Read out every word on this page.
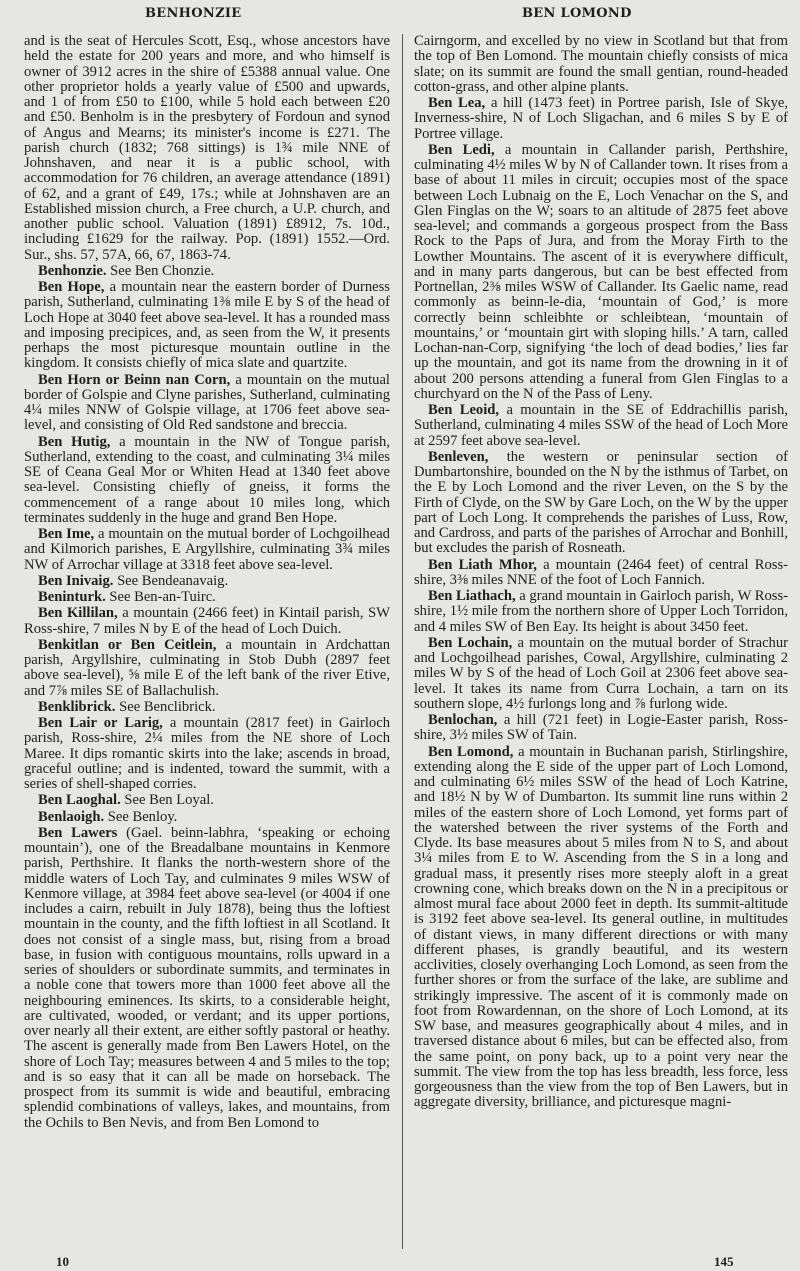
BENHONZIE	BEN LOMOND

and is the seat of Hercules Scott, Esq., whose ancestors have held the estate for 200 years and more, and who himself is owner of 3912 acres in the shire of £5388 annual value. One other proprietor holds a yearly value of £500 and upwards, and 1 of from £50 to £100, while 5 hold each between £20 and £50. Benholm is in the presbytery of Fordoun and synod of Angus and Mearns; its minister's income is £271. The parish church (1832; 768 sittings) is 1¾ mile NNE of Johnshaven, and near it is a public school, with accommodation for 76 children, an average attendance (1891) of 62, and a grant of £49, 17s.; while at Johnshaven are an Established mission church, a Free church, a U.P. church, and another public school. Valuation (1891) £8912, 7s. 10d., including £1629 for the railway. Pop. (1891) 1552.—Ord. Sur., shs. 57, 57A, 66, 67, 1863-74.

Benhonzie. See Ben Chonzie.

Ben Hope, a mountain near the eastern border of Durness parish, Sutherland, culminating 1⅜ mile E by S of the head of Loch Hope at 3040 feet above sea-level. It has a rounded mass and imposing precipices, and, as seen from the W, it presents perhaps the most picturesque mountain outline in the kingdom. It consists chiefly of mica slate and quartzite.

Ben Horn or Beinn nan Corn, a mountain on the mutual border of Golspie and Clyne parishes, Sutherland, culminating 4¼ miles NNW of Golspie village, at 1706 feet above sea-level, and consisting of Old Red sandstone and breccia.

Ben Hutig, a mountain in the NW of Tongue parish, Sutherland, extending to the coast, and culminating 3¼ miles SE of Ceana Geal Mor or Whiten Head at 1340 feet above sea-level. Consisting chiefly of gneiss, it forms the commencement of a range about 10 miles long, which terminates suddenly in the huge and grand Ben Hope.

Ben Ime, a mountain on the mutual border of Lochgoilhead and Kilmorich parishes, E Argyllshire, culminating 3¾ miles NW of Arrochar village at 3318 feet above sea-level.

Ben Inivaig. See Bendeanavaig.

Beninturk. See Ben-an-Tuirc.

Ben Killilan, a mountain (2466 feet) in Kintail parish, SW Ross-shire, 7 miles N by E of the head of Loch Duich.

Benkitlan or Ben Ceitlein, a mountain in Ardchattan parish, Argyllshire, culminating in Stob Dubh (2897 feet above sea-level), ⅝ mile E of the left bank of the river Etive, and 7⅞ miles SE of Ballachulish.

Benklibrick. See Benclibrick.

Ben Lair or Larig, a mountain (2817 feet) in Gairloch parish, Ross-shire, 2¼ miles from the NE shore of Loch Maree. It dips romantic skirts into the lake; ascends in broad, graceful outline; and is indented, toward the summit, with a series of shell-shaped corries.

Ben Laoghal. See Ben Loyal.

Benlaoigh. See Benloy.

Ben Lawers (Gael. beinn-labhra, ‘speaking or echoing mountain’), one of the Breadalbane mountains in Kenmore parish, Perthshire. It flanks the north-western shore of the middle waters of Loch Tay, and culminates 9 miles WSW of Kenmore village, at 3984 feet above sea-level (or 4004 if one includes a cairn, rebuilt in July 1878), being thus the loftiest mountain in the county, and the fifth loftiest in all Scotland. It does not consist of a single mass, but, rising from a broad base, in fusion with contiguous mountains, rolls upward in a series of shoulders or subordinate summits, and terminates in a noble cone that towers more than 1000 feet above all the neighbouring eminences. Its skirts, to a considerable height, are cultivated, wooded, or verdant; and its upper portions, over nearly all their extent, are either softly pastoral or heathy. The ascent is generally made from Ben Lawers Hotel, on the shore of Loch Tay; measures between 4 and 5 miles to the top; and is so easy that it can all be made on horseback. The prospect from its summit is wide and beautiful, embracing splendid combinations of valleys, lakes, and mountains, from the Ochils to Ben Nevis, and from Ben Lomond to

Cairngorm, and excelled by no view in Scotland but that from the top of Ben Lomond. The mountain chiefly consists of mica slate; on its summit are found the small gentian, round-headed cotton-grass, and other alpine plants.

Ben Lea, a hill (1473 feet) in Portree parish, Isle of Skye, Inverness-shire, N of Loch Sligachan, and 6 miles S by E of Portree village.

Ben Ledi, a mountain in Callander parish, Perthshire, culminating 4½ miles W by N of Callander town. It rises from a base of about 11 miles in circuit; occupies most of the space between Loch Lubnaig on the E, Loch Venachar on the S, and Glen Finglas on the W; soars to an altitude of 2875 feet above sea-level; and commands a gorgeous prospect from the Bass Rock to the Paps of Jura, and from the Moray Firth to the Lowther Mountains. The ascent of it is everywhere difficult, and in many parts dangerous, but can be best effected from Portnellan, 2⅜ miles WSW of Callander. Its Gaelic name, read commonly as beinn-le-dia, ‘mountain of God,’ is more correctly beinn schleibhte or schleibtean, ‘mountain of mountains,’ or ‘mountain girt with sloping hills.’ A tarn, called Lochan-nan-Corp, signifying ‘the loch of dead bodies,’ lies far up the mountain, and got its name from the drowning in it of about 200 persons attending a funeral from Glen Finglas to a churchyard on the N of the Pass of Leny.

Ben Leoid, a mountain in the SE of Eddrachillis parish, Sutherland, culminating 4 miles SSW of the head of Loch More at 2597 feet above sea-level.

Benleven, the western or peninsular section of Dumbartonshire, bounded on the N by the isthmus of Tarbet, on the E by Loch Lomond and the river Leven, on the S by the Firth of Clyde, on the SW by Gare Loch, on the W by the upper part of Loch Long. It comprehends the parishes of Luss, Row, and Cardross, and parts of the parishes of Arrochar and Bonhill, but excludes the parish of Rosneath.

Ben Liath Mhor, a mountain (2464 feet) of central Ross-shire, 3⅜ miles NNE of the foot of Loch Fannich.

Ben Liathach, a grand mountain in Gairloch parish, W Ross-shire, 1½ mile from the northern shore of Upper Loch Torridon, and 4 miles SW of Ben Eay. Its height is about 3450 feet.

Ben Lochain, a mountain on the mutual border of Strachur and Lochgoilhead parishes, Cowal, Argyllshire, culminating 2 miles W by S of the head of Loch Goil at 2306 feet above sea-level. It takes its name from Curra Lochain, a tarn on its southern slope, 4½ furlongs long and ⅞ furlong wide.

Benlochan, a hill (721 feet) in Logie-Easter parish, Ross-shire, 3½ miles SW of Tain.

Ben Lomond, a mountain in Buchanan parish, Stirlingshire, extending along the E side of the upper part of Loch Lomond, and culminating 6½ miles SSW of the head of Loch Katrine, and 18½ N by W of Dumbarton. Its summit line runs within 2 miles of the eastern shore of Loch Lomond, yet forms part of the watershed between the river systems of the Forth and Clyde. Its base measures about 5 miles from N to S, and about 3¼ miles from E to W. Ascending from the S in a long and gradual mass, it presently rises more steeply aloft in a great crowning cone, which breaks down on the N in a precipitous or almost mural face about 2000 feet in depth. Its summit-altitude is 3192 feet above sea-level. Its general outline, in multitudes of distant views, in many different directions or with many different phases, is grandly beautiful, and its western acclivities, closely overhanging Loch Lomond, as seen from the further shores or from the surface of the lake, are sublime and strikingly impressive. The ascent of it is commonly made on foot from Rowardennan, on the shore of Loch Lomond, at its SW base, and measures geographically about 4 miles, and in traversed distance about 6 miles, but can be effected also, from the same point, on pony back, up to a point very near the summit. The view from the top has less breadth, less force, less gorgeousness than the view from the top of Ben Lawers, but in aggregate diversity, brilliance, and picturesque magni-

10	145
